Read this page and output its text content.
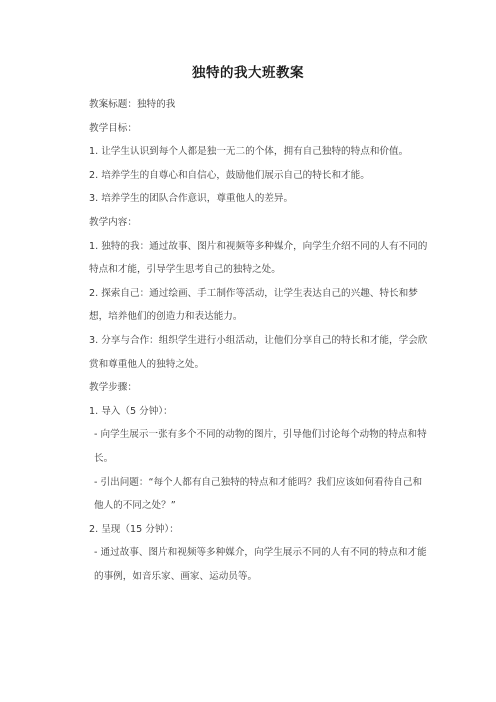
独特的我大班教案

教案标题：独特的我

教学目标：

1. 让学生认识到每个人都是独一无二的个体，拥有自己独特的特点和价值。

2. 培养学生的自尊心和自信心，鼓励他们展示自己的特长和才能。

3. 培养学生的团队合作意识，尊重他人的差异。

教学内容：

1. 独特的我：通过故事、图片和视频等多种媒介，向学生介绍不同的人有不同的特点和才能，引导学生思考自己的独特之处。

2. 探索自己：通过绘画、手工制作等活动，让学生表达自己的兴趣、特长和梦想，培养他们的创造力和表达能力。

3. 分享与合作：组织学生进行小组活动，让他们分享自己的特长和才能，学会欣赏和尊重他人的独特之处。

教学步骤：

1. 导入（5 分钟）：

- 向学生展示一张有多个不同的动物的图片，引导他们讨论每个动物的特点和特长。

- 引出问题：“每个人都有自己独特的特点和才能吗？我们应该如何看待自己和他人的不同之处？”

2. 呈现（15 分钟）：

- 通过故事、图片和视频等多种媒介，向学生展示不同的人有不同的特点和才能的事例，如音乐家、画家、运动员等。
